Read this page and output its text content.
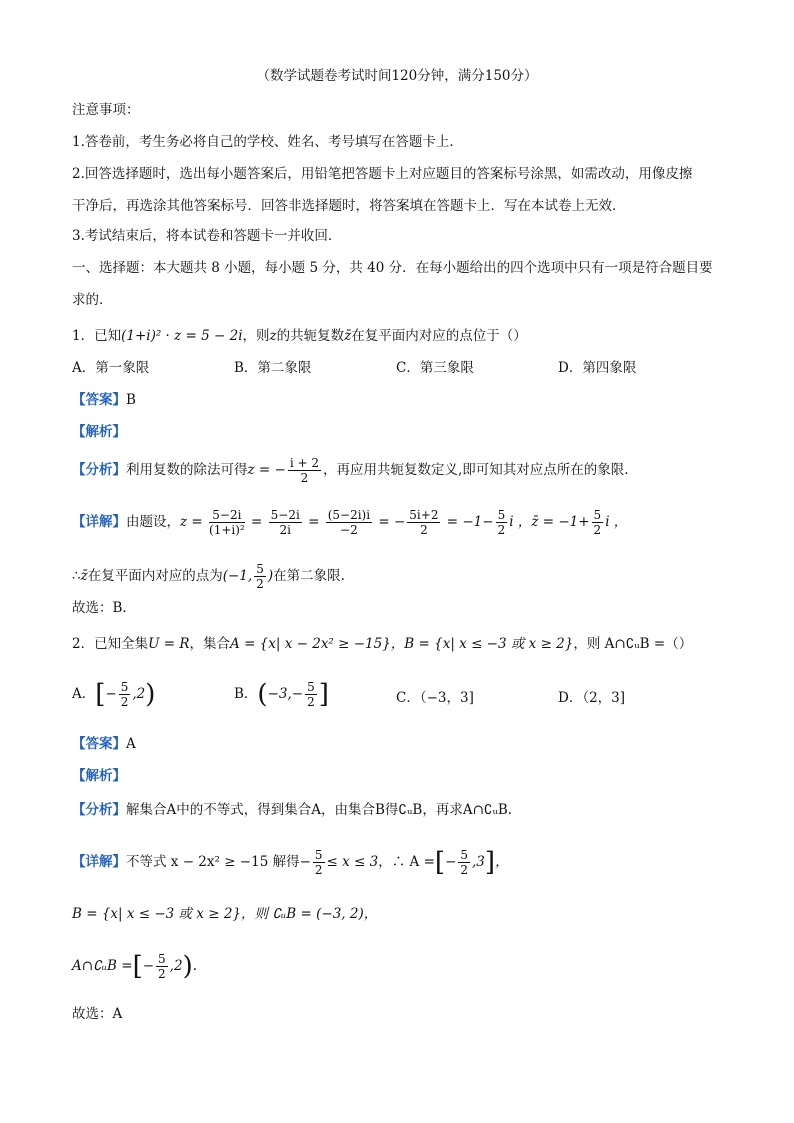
（数学试题卷考试时间120分钟，满分150分）
注意事项：
1.答卷前，考生务必将自己的学校、姓名、考号填写在答题卡上．
2.回答选择题时，选出每小题答案后，用铅笔把答题卡上对应题目的答案标号涂黑，如需改动，用像皮擦
干净后，再选涂其他答案标号．回答非选择题时，将答案填在答题卡上．写在本试卷上无效．
3.考试结束后，将本试卷和答题卡一并收回．
一、选择题：本大题共 8 小题，每小题 5 分，共 40 分．在每小题给出的四个选项中只有一项是符合题目要
求的．
1．已知(1+i)² · z = 5 − 2i，则z的共轭复数z̄在复平面内对应的点位于（）
A．第一象限	B．第二象限	C．第三象限	D．第四象限
【答案】B
【解析】
【分析】利用复数的除法可得z = − $\frac{i + 2}{2}$ ，再应用共轭复数定义,即可知其对应点所在的象限.
【详解】由题设，$z = \frac{5-2i}{\text{(1+i)²}} = \frac{5-2i}{2i} = \frac{(5-2i)i}{-2}$ = − $\frac{5i+2}{2} = -1- \frac{5}{2}$ i ，z̄ = $-1+ \frac{5}{2}$ i ，
∴z̄在复平面内对应的点为(−1, $\frac{5}{2}$ )在第二象限.
故选：B．
2．已知全集U = R，集合A = {x| x − 2x² ≥ −15}，B = {x| x ≤ −3 或 x ≥ 2}，则 A∩∁ᵤB =（）
A．[− $\frac{5}{2} ,2$)	B．($-3,- \frac{5}{2}$ ]	C．（−3，3]	D．（2，3]
【答案】A
【解析】
【分析】解集合A中的不等式，得到集合A，由集合B得∁ᵤB，再求A∩∁ᵤB.
【详解】不等式 x − 2x² ≥ −15 解得− $\frac{5}{2} \le x \le 3$，∴ A =[− $\frac{5}{2} ,3$]，
B = {x| x ≤ −3 或 x ≥ 2}，则 ∁ᵤB = (−3, 2)，
A∩∁ᵤB =[− $\frac{5}{2} ,2$).
故选：A
